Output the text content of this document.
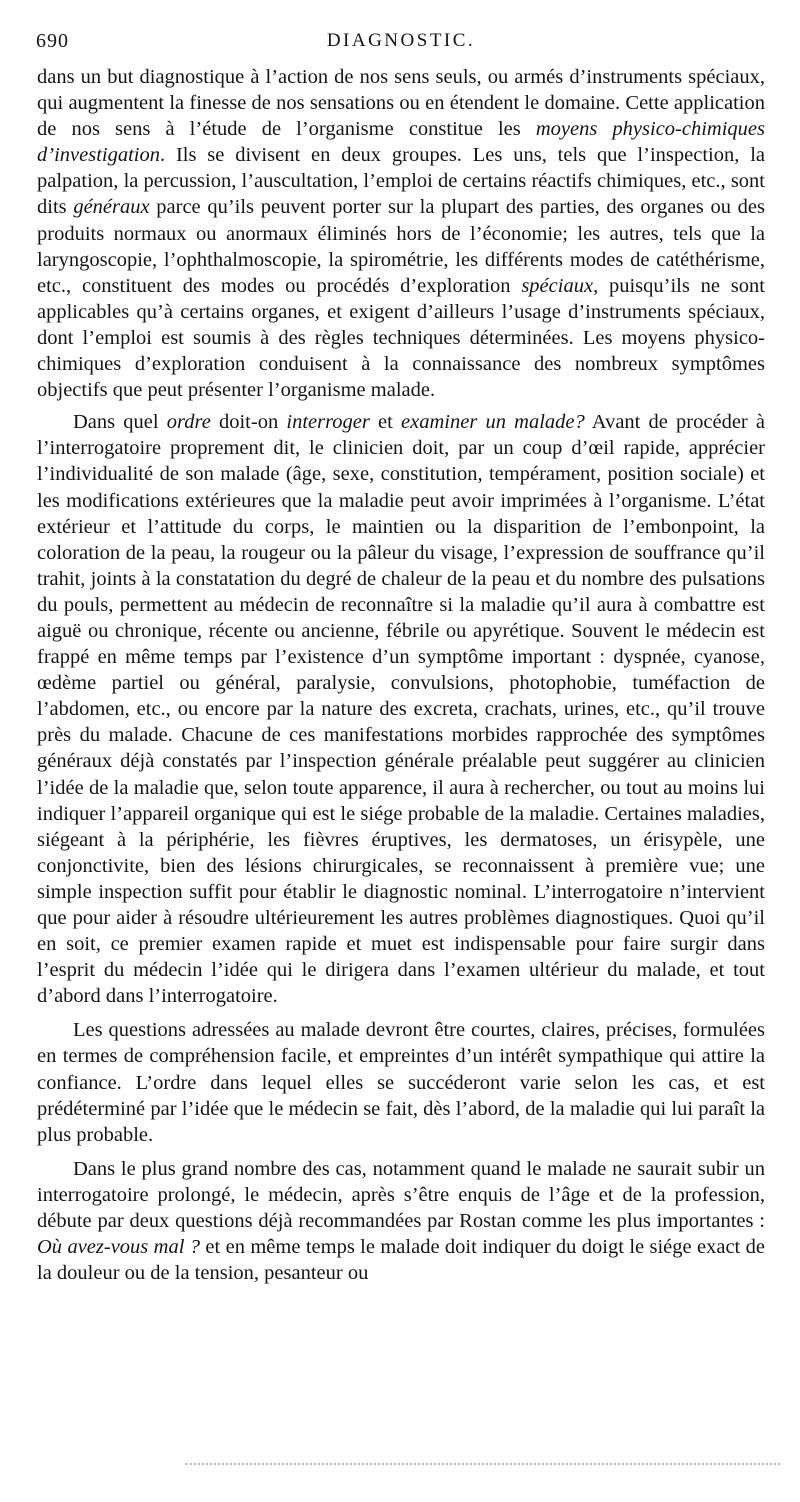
690	DIAGNOSTIC.

dans un but diagnostique à l’action de nos sens seuls, ou armés d’instruments spéciaux, qui augmentent la finesse de nos sensations ou en étendent le domaine. Cette application de nos sens à l’étude de l’organisme constitue les moyens physico-chimiques d’investigation. Ils se divisent en deux groupes. Les uns, tels que l’inspection, la palpation, la percussion, l’auscultation, l’emploi de certains réactifs chimiques, etc., sont dits généraux parce qu’ils peuvent porter sur la plupart des parties, des organes ou des produits normaux ou anormaux éliminés hors de l’économie; les autres, tels que la laryngoscopie, l’ophthalmoscopie, la spirométrie, les différents modes de catéthérisme, etc., constituent des modes ou procédés d’exploration spéciaux, puisqu’ils ne sont applicables qu’à certains organes, et exigent d’ailleurs l’usage d’instruments spéciaux, dont l’emploi est soumis à des règles techniques déterminées. Les moyens physico-chimiques d’exploration conduisent à la connaissance des nombreux symptômes objectifs que peut présenter l’organisme malade.

Dans quel ordre doit-on interroger et examiner un malade? Avant de procéder à l’interrogatoire proprement dit, le clinicien doit, par un coup d’œil rapide, apprécier l’individualité de son malade (âge, sexe, constitution, tempérament, position sociale) et les modifications extérieures que la maladie peut avoir imprimées à l’organisme. L’état extérieur et l’attitude du corps, le maintien ou la disparition de l’embonpoint, la coloration de la peau, la rougeur ou la pâleur du visage, l’expression de souffrance qu’il trahit, joints à la constatation du degré de chaleur de la peau et du nombre des pulsations du pouls, permettent au médecin de reconnaître si la maladie qu’il aura à combattre est aiguë ou chronique, récente ou ancienne, fébrile ou apyrétique. Souvent le médecin est frappé en même temps par l’existence d’un symptôme important : dyspnée, cyanose, œdème partiel ou général, paralysie, convulsions, photophobie, tuméfaction de l’abdomen, etc., ou encore par la nature des excreta, crachats, urines, etc., qu’il trouve près du malade. Chacune de ces manifestations morbides rapprochée des symptômes généraux déjà constatés par l’inspection générale préalable peut suggérer au clinicien l’idée de la maladie que, selon toute apparence, il aura à rechercher, ou tout au moins lui indiquer l’appareil organique qui est le siége probable de la maladie. Certaines maladies, siégeant à la périphérie, les fièvres éruptives, les dermatoses, un érisypèle, une conjonctivite, bien des lésions chirurgicales, se reconnaissent à première vue; une simple inspection suffit pour établir le diagnostic nominal. L’interrogatoire n’intervient que pour aider à résoudre ultérieurement les autres problèmes diagnostiques. Quoi qu’il en soit, ce premier examen rapide et muet est indispensable pour faire surgir dans l’esprit du médecin l’idée qui le dirigera dans l’examen ultérieur du malade, et tout d’abord dans l’interrogatoire.

Les questions adressées au malade devront être courtes, claires, précises, formulées en termes de compréhension facile, et empreintes d’un intérêt sympathique qui attire la confiance. L’ordre dans lequel elles se succéderont varie selon les cas, et est prédéterminé par l’idée que le médecin se fait, dès l’abord, de la maladie qui lui paraît la plus probable.

Dans le plus grand nombre des cas, notamment quand le malade ne saurait subir un interrogatoire prolongé, le médecin, après s’être enquis de l’âge et de la profession, débute par deux questions déjà recommandées par Rostan comme les plus importantes : Où avez-vous mal ? et en même temps le malade doit indiquer du doigt le siége exact de la douleur ou de la tension, pesanteur ou
